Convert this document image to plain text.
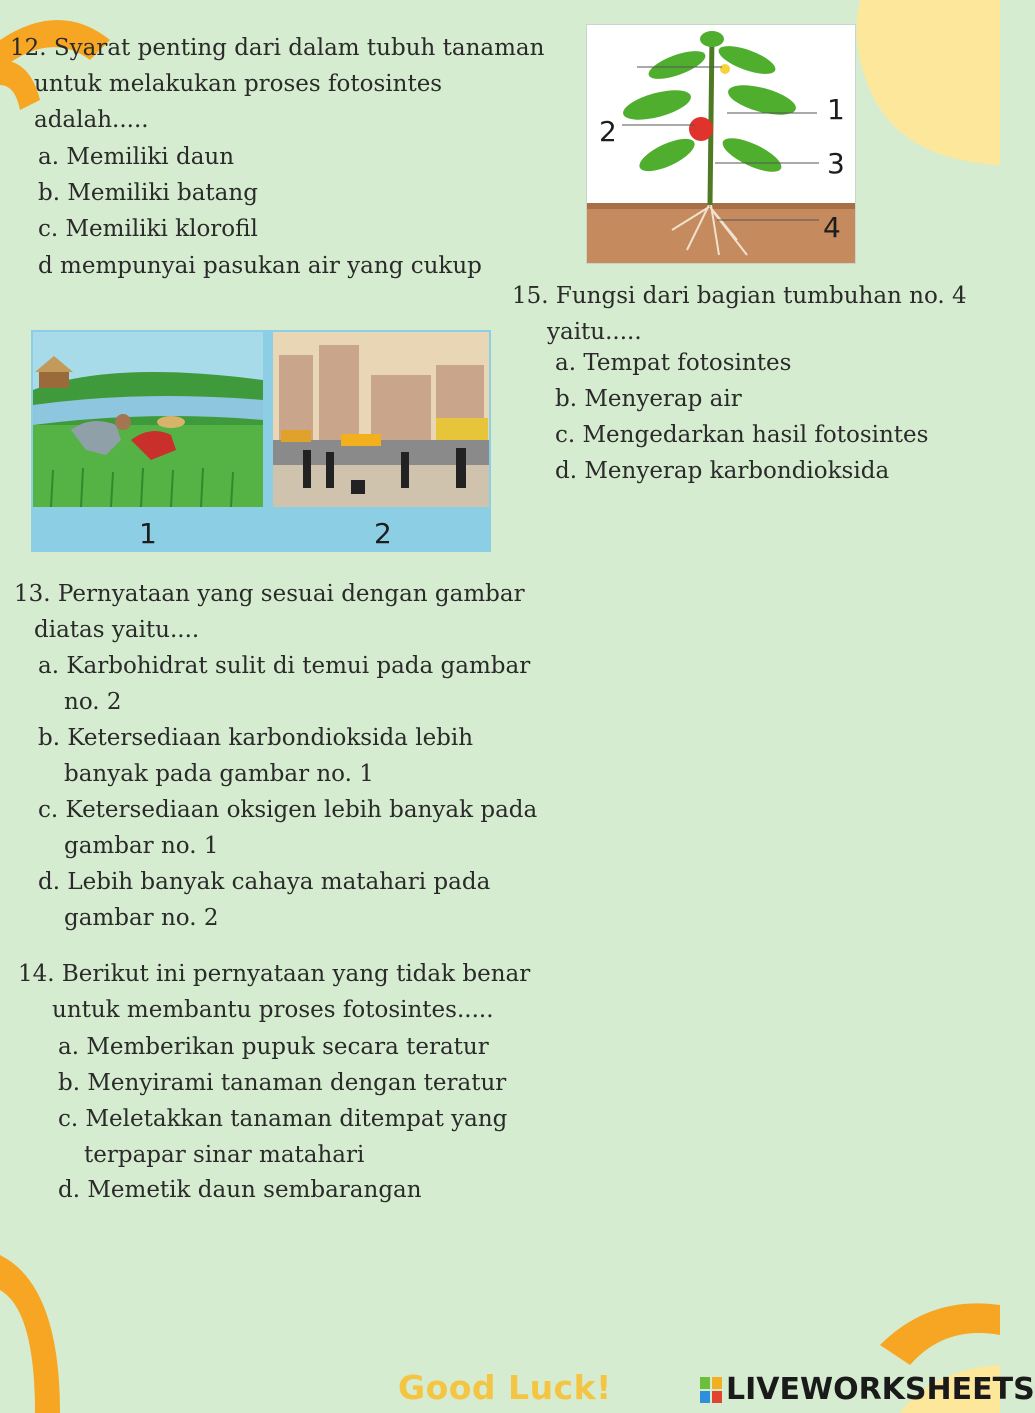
12. Syarat penting dari dalam tubuh tanaman
untuk melakukan proses fotosintes
adalah.....
a. Memiliki daun
b. Memiliki batang
c. Memiliki klorofil
d mempunyai pasukan air yang cukup
1
2
3
4
15. Fungsi dari bagian tumbuhan no. 4
yaitu.....
a. Tempat fotosintes
b. Menyerap air
c. Mengedarkan hasil fotosintes
d. Menyerap karbondioksida
1	2
13. Pernyataan yang sesuai dengan gambar
diatas yaitu....
a. Karbohidrat sulit di temui pada gambar
no. 2
b. Ketersediaan karbondioksida lebih
banyak pada gambar no. 1
c. Ketersediaan oksigen lebih banyak pada
gambar no. 1
d. Lebih banyak cahaya matahari pada
gambar no. 2
14. Berikut ini pernyataan yang tidak benar
untuk membantu proses fotosintes.....
a. Memberikan pupuk secara teratur
b. Menyirami tanaman dengan teratur
c. Meletakkan tanaman ditempat yang
terpapar sinar matahari
d. Memetik daun sembarangan
Good Luck!	LIVEWORKSHEETS
